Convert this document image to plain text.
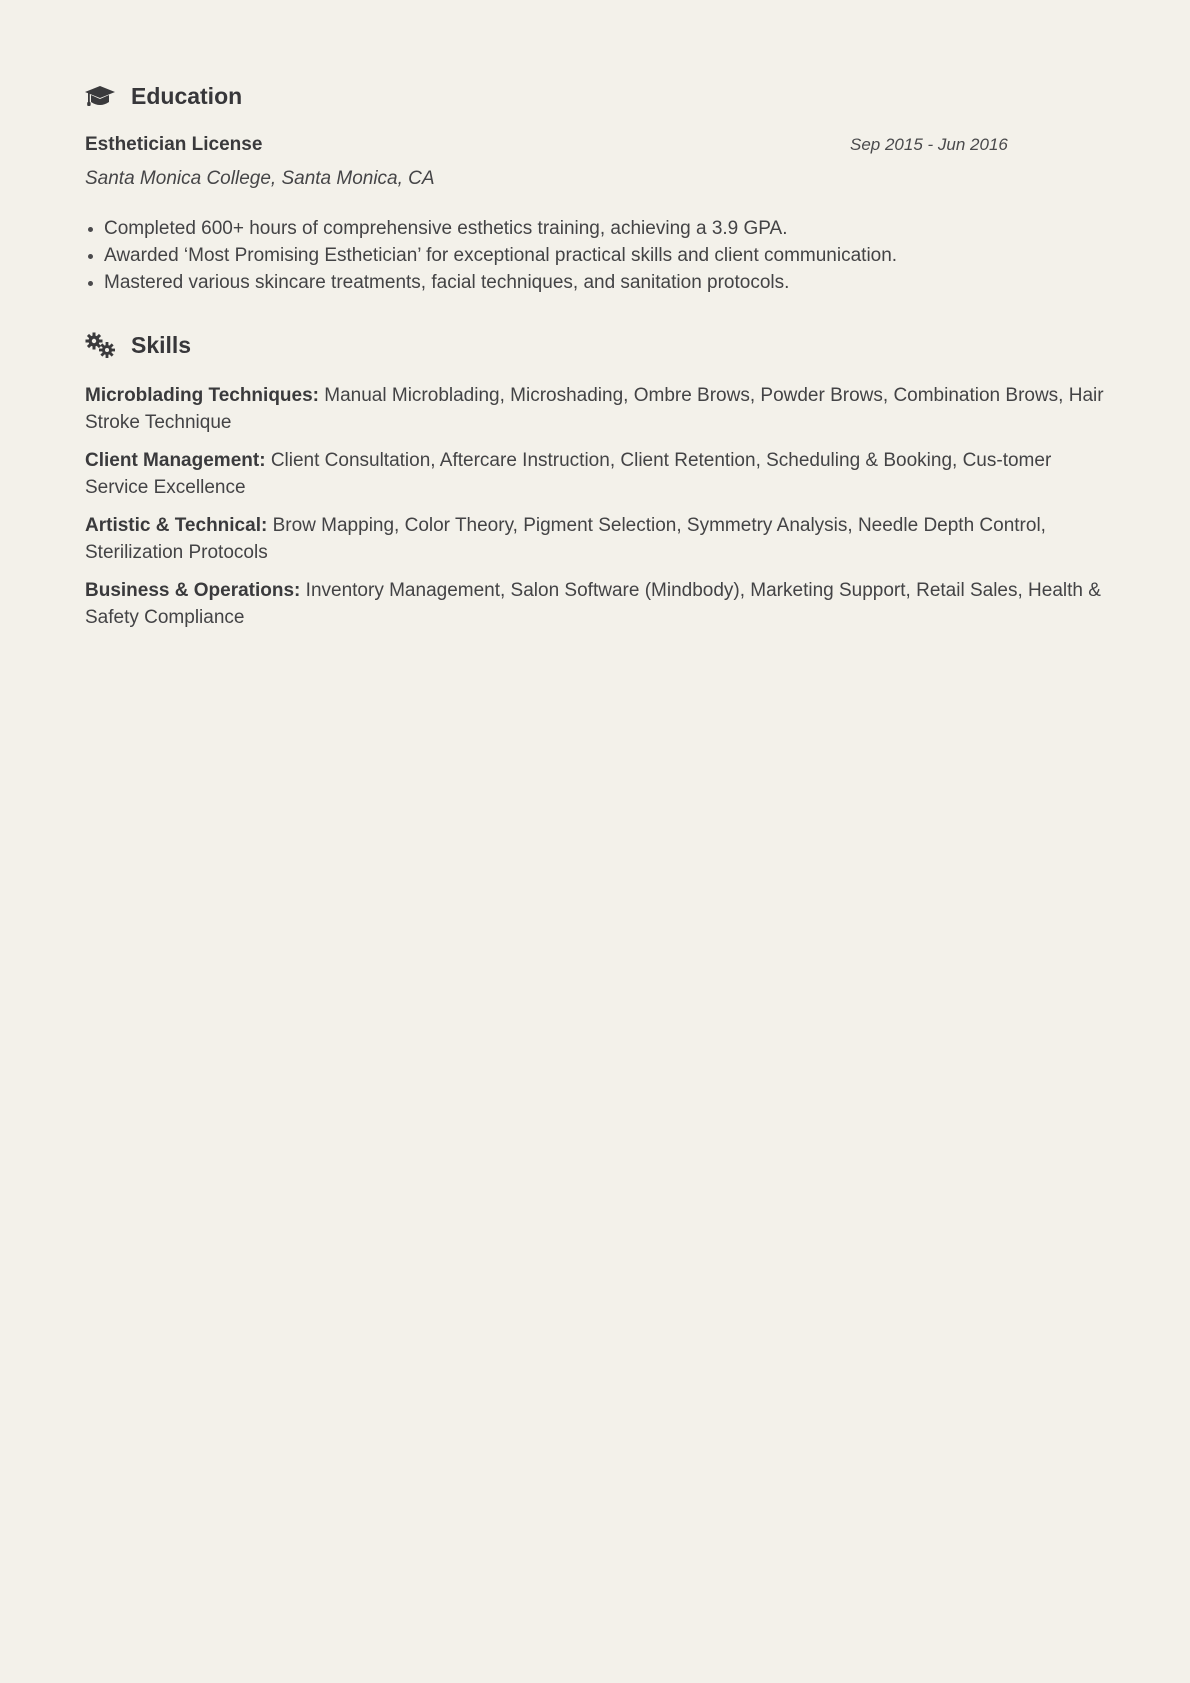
Education
Esthetician License	Sep 2015 - Jun 2016
Santa Monica College, Santa Monica, CA
Completed 600+ hours of comprehensive esthetics training, achieving a 3.9 GPA.
Awarded ‘Most Promising Esthetician’ for exceptional practical skills and client communication.
Mastered various skincare treatments, facial techniques, and sanitation protocols.
Skills

Microblading Techniques: Manual Microblading, Microshading, Ombre Brows, Powder Brows, Combination Brows, Hair Stroke Technique

Client Management: Client Consultation, Aftercare Instruction, Client Retention, Scheduling & Booking, Cus-tomer Service Excellence

Artistic & Technical: Brow Mapping, Color Theory, Pigment Selection, Symmetry Analysis, Needle Depth Control, Sterilization Protocols

Business & Operations: Inventory Management, Salon Software (Mindbody), Marketing Support, Retail Sales, Health & Safety Compliance
